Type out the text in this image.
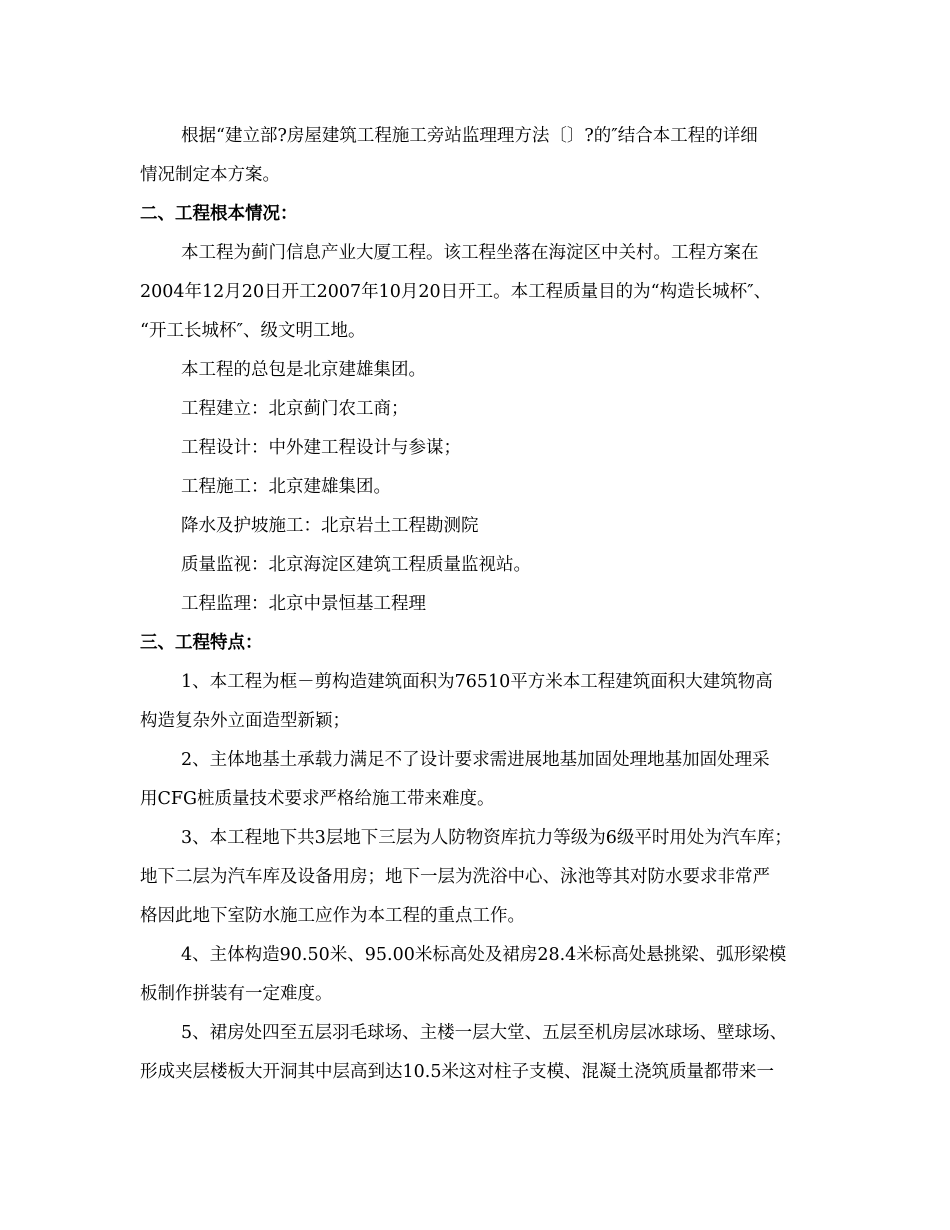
根据“建立部?房屋建筑工程施工旁站监理理方法〔〕?的″结合本工程的详细
情况制定本方案。
二、工程根本情况：
本工程为蓟门信息产业大厦工程。该工程坐落在海淀区中关村。工程方案在
2004年12月20日开工2007年10月20日开工。本工程质量目的为“构造长城杯″、
“开工长城杯″、级文明工地。
本工程的总包是北京建雄集团。
工程建立：北京蓟门农工商；
工程设计：中外建工程设计与参谋；
工程施工：北京建雄集团。
降水及护坡施工：北京岩土工程勘测院
质量监视：北京海淀区建筑工程质量监视站。
工程监理：北京中景恒基工程理
三、工程特点：
1、本工程为框－剪构造建筑面积为76510平方米本工程建筑面积大建筑物高
构造复杂外立面造型新颖；
2、主体地基土承载力满足不了设计要求需进展地基加固处理地基加固处理采
用CFG桩质量技术要求严格给施工带来难度。
3、本工程地下共3层地下三层为人防物资库抗力等级为6级平时用处为汽车库；
地下二层为汽车库及设备用房；地下一层为洗浴中心、泳池等其对防水要求非常严
格因此地下室防水施工应作为本工程的重点工作。
4、主体构造90.50米、95.00米标高处及裙房28.4米标高处悬挑梁、弧形梁模
板制作拼装有一定难度。
5、裙房处四至五层羽毛球场、主楼一层大堂、五层至机房层冰球场、壁球场、
形成夹层楼板大开洞其中层高到达10.5米这对柱子支模、混凝土浇筑质量都带来一
